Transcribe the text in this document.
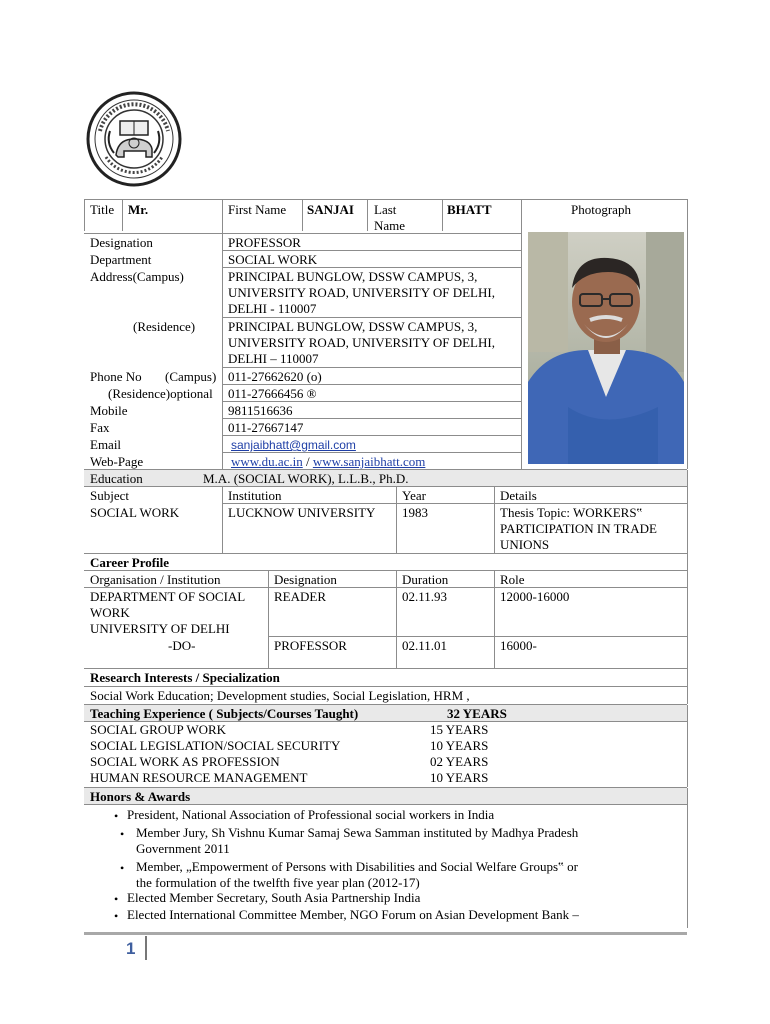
Title Mr.	First Name SANJAI Last
Name
BHATT	Photograph
Designation	PROFESSOR
Department	SOCIAL WORK
Address(Campus)	PRINCIPAL BUNGLOW, DSSW CAMPUS, 3,
UNIVERSITY ROAD, UNIVERSITY OF DELHI,
DELHI - 110007
(Residence)	PRINCIPAL BUNGLOW, DSSW CAMPUS, 3,
UNIVERSITY ROAD, UNIVERSITY OF DELHI,
DELHI – 110007
Phone No (Campus) 011-27662620 (o)
(Residence)optional 011-27666456 ®
Mobile	9811516636
Fax	011-27667147
Email	sanjaibhatt@gmail.com
Web-Page	www.du.ac.in / www.sanjaibhatt.com
Education	M.A. (SOCIAL WORK), L.L.B., Ph.D.
Subject	Institution	Year	Details
SOCIAL WORK	LUCKNOW UNIVERSITY 1983	Thesis Topic: WORKERS‟
PARTICIPATION IN TRADE
UNIONS
Career Profile
Organisation / Institution	Designation	Duration	Role
DEPARTMENT OF SOCIAL
WORK
UNIVERSITY OF DELHI
READER	02.11.93	12000-16000
-DO-	PROFESSOR	02.11.01	16000-
Research Interests / Specialization
Social Work Education; Development studies, Social Legislation, HRM ,
Teaching Experience ( Subjects/Courses Taught)	32 YEARS
SOCIAL GROUP WORK	15 YEARS
SOCIAL LEGISLATION/SOCIAL SECURITY	10 YEARS
SOCIAL WORK AS PROFESSION	02 YEARS
HUMAN RESOURCE MANAGEMENT	10 YEARS
Honors & Awards
• President, National Association of Professional social workers in India
• Member Jury, Sh Vishnu Kumar Samaj Sewa Samman instituted by Madhya Pradesh
Government 2011
• Member, „Empowerment of Persons with Disabilities and Social Welfare Groups‟ or
the formulation of the twelfth five year plan (2012-17)
• Elected Member Secretary, South Asia Partnership India
• Elected International Committee Member, NGO Forum on Asian Development Bank –
1
